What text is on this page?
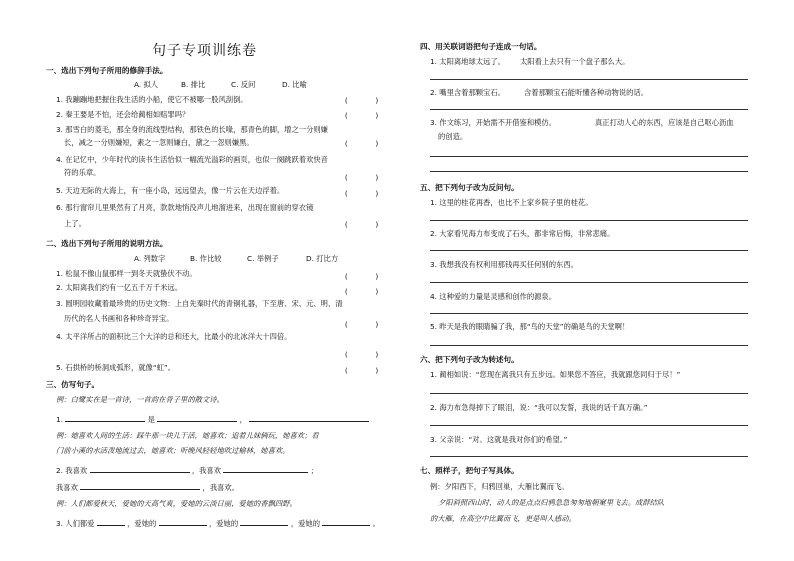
句子专项训练卷
一、选出下列句子所用的修辞手法。
A. 拟人	B. 排比	C. 反问	D. 比喻
1. 我蹦蹦地把握住我生活的小船，使它不被哪一股风刮倒。	(      )
2. 秦王要是不怕，还会给蔺相如赔罪吗？	(      )
3. 那雪白的菱毛，那全身的流线型结构，那铁色的长喙，那青色的脚，增之一分则嫌
长，减之一分则嫌短，素之一忽则嫌白，黛之一忽则嫌黑。	(      )
4. 在记忆中，少年时代的读书生活恰似一幅流光溢彩的画页，也似一阕跳跃着欢快音
符的乐章。
(      )
5. 天边无际的大海上，有一座小岛，远远望去，像一片云在天边浮着。	(      )
6. 那行窗帘儿里果然有了月亮，款款地悄没声儿地溜进来，出现在窗前的穿衣镜
上了。	(      )
二、选出下列句子所用的说明方法。
A. 列数字	B. 作比较	C. 举例子	D. 打比方
1. 松鼠不像山鼠那样一到冬天就蛰伏不动。	(      )
2. 太阳离我们约有一亿五千万千米远。	(      )
3. 圆明园收藏着最珍贵的历史文物：上自先秦时代的青铜礼器，下至唐、宋、元、明、清
历代的名人书画和各种珍奇异宝。
(      )
4. 太平洋所占的面积比三个大洋的总和还大，比最小的北冰洋大十四倍。
(      )
5. 石拱桥的桥洞成弧形，就像“虹”。	(      )
三、仿写句子。
例：白鹭实在是一首诗，一首韵在骨子里的散文诗。
1.	是	，
例：她喜欢人间的生活：踩牛那一块儿干活，她喜欢；追着儿妹俩玩，她喜欢；看
门前小溪的水活泼地流过去，她喜欢；听晚风轻轻地吹过榆林，她喜欢。
2. 我喜欢	，我喜欢	；
我喜欢	，我喜欢。
例：人们都爱秋天，爱她的天高气爽，爱她的云淡日丽，爱她的香飘四野。
3. 人们都爱	，爱她的	，爱她的	，爱她的	。
四、用关联词语把句子连成一句话。
1. 太阳离地球太远了。 太阳看上去只有一个盘子那么大。
2. 嘴里含着那颗宝石。	含着那颗宝石能听懂各种动物说的话。
3. 作文练习，开始需不开借鉴和模仿。	真正打动人心的东西，应该是自己呕心沥血
的创造。
五、把下列句子改为反问句。
1. 这里的桂花再香，也比不上家乡院子里的桂花。
2. 大家看见海力布变成了石头，都非常后悔，非常悲痛。
3. 我想我没有权利用那钱再买任何别的东西。
4. 这种爱的力量是灵感和创作的源泉。
5. 昨天是我的眼睛骗了我，那“鸟的天堂”的确是鸟的天堂啊！
六、把下列句子改为转述句。
1. 蔺相如说：“您现在离我只有五步远。如果您不答应，我就跟您同归于尽！”
2. 海力布急得掉下了眼泪，说：“我可以发誓，我说的话千真万确。”
3. 父亲说：“对。这就是我对你们的希望。”
七、照样子，把句子写具体。
例：夕阳西下，归鸦回巢，大雁比翼而飞。
夕阳斜照西山时，动人的是点点归鸦急急匆匆地朝窠里飞去。成群结队
的大雁，在高空中比翼而飞，更是叫人感动。
